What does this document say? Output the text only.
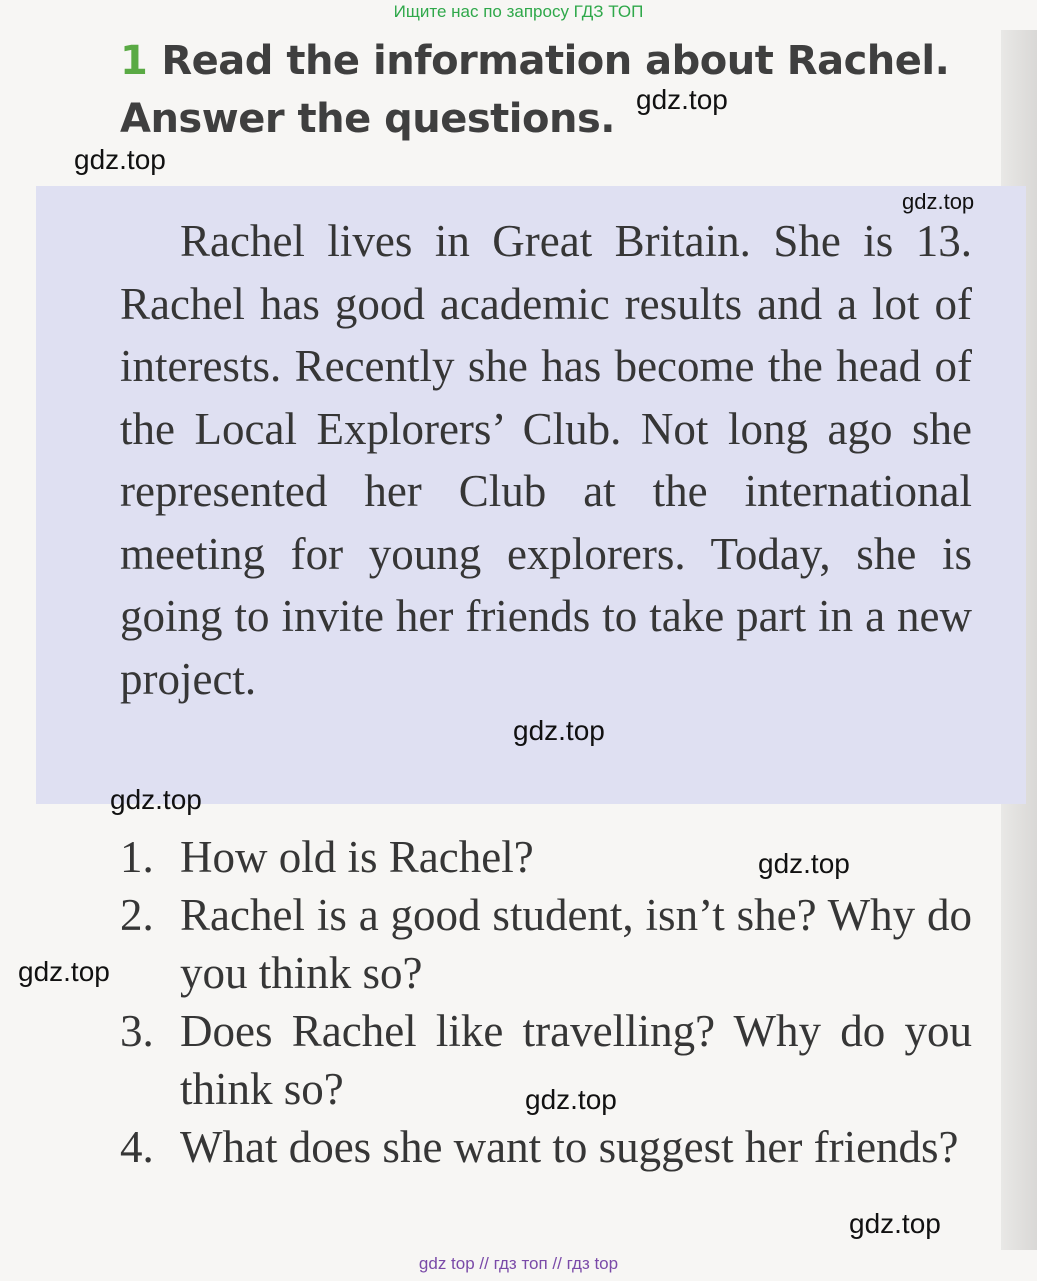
Ищите нас по запросу ГДЗ ТОП
1 Read the information about Rachel.
Answer the questions.
Rachel lives in Great Britain. She is 13. Rachel has good academic results and a lot of interests. Recently she has become the head of the Local Explorers’ Club. Not long ago she represented her Club at the international meeting for young explorers. Today, she is going to invite her friends to take part in a new project.
1. How old is Rachel?
2. Rachel is a good student, isn’t she? Why do you think so?
3. Does Rachel like travelling? Why do you think so?
4. What does she want to suggest her friends?
gdz.top
gdz.top
gdz.top
gdz.top
gdz.top
gdz.top
gdz.top
gdz.top
gdz.top
gdz top // гдз топ // гдз top
